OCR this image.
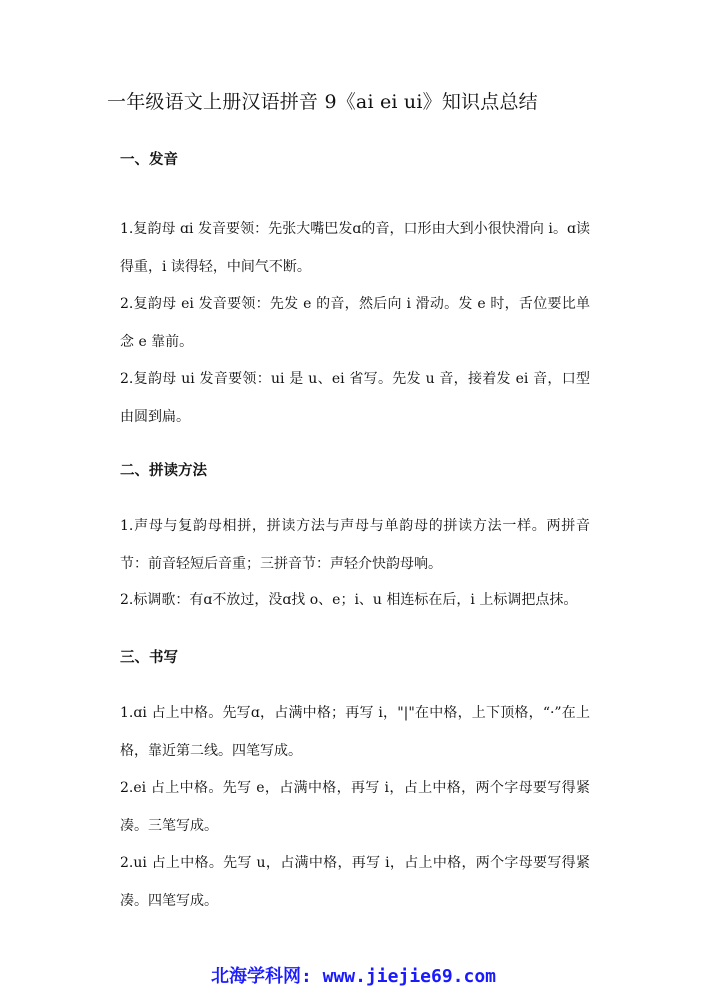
一年级语文上册汉语拼音 9《ai ei ui》知识点总结
一、发音

1.复韵母 ɑi 发音要领：先张大嘴巴发ɑ的音，口形由大到小很快滑向 i。ɑ读得重，i 读得轻，中间气不断。

2.复韵母 ei 发音要领：先发 e 的音，然后向 i 滑动。发 e 时，舌位要比单念 e 靠前。

2.复韵母 ui 发音要领：ui 是 u、ei 省写。先发 u 音，接着发 ei 音，口型由圆到扁。

二、拼读方法

1.声母与复韵母相拼，拼读方法与声母与单韵母的拼读方法一样。两拼音节：前音轻短后音重；三拼音节：声轻介快韵母响。

2.标调歌：有ɑ不放过，没ɑ找 o、e；i、u 相连标在后，i 上标调把点抹。

三、书写

1.ɑi 占上中格。先写ɑ，占满中格；再写 i，"|"在中格，上下顶格，“·”在上格，靠近第二线。四笔写成。

2.ei 占上中格。先写 e，占满中格，再写 i，占上中格，两个字母要写得紧凑。三笔写成。

2.ui 占上中格。先写 u，占满中格，再写 i，占上中格，两个字母要写得紧凑。四笔写成。

北海学科网: www.jiejie69.com
